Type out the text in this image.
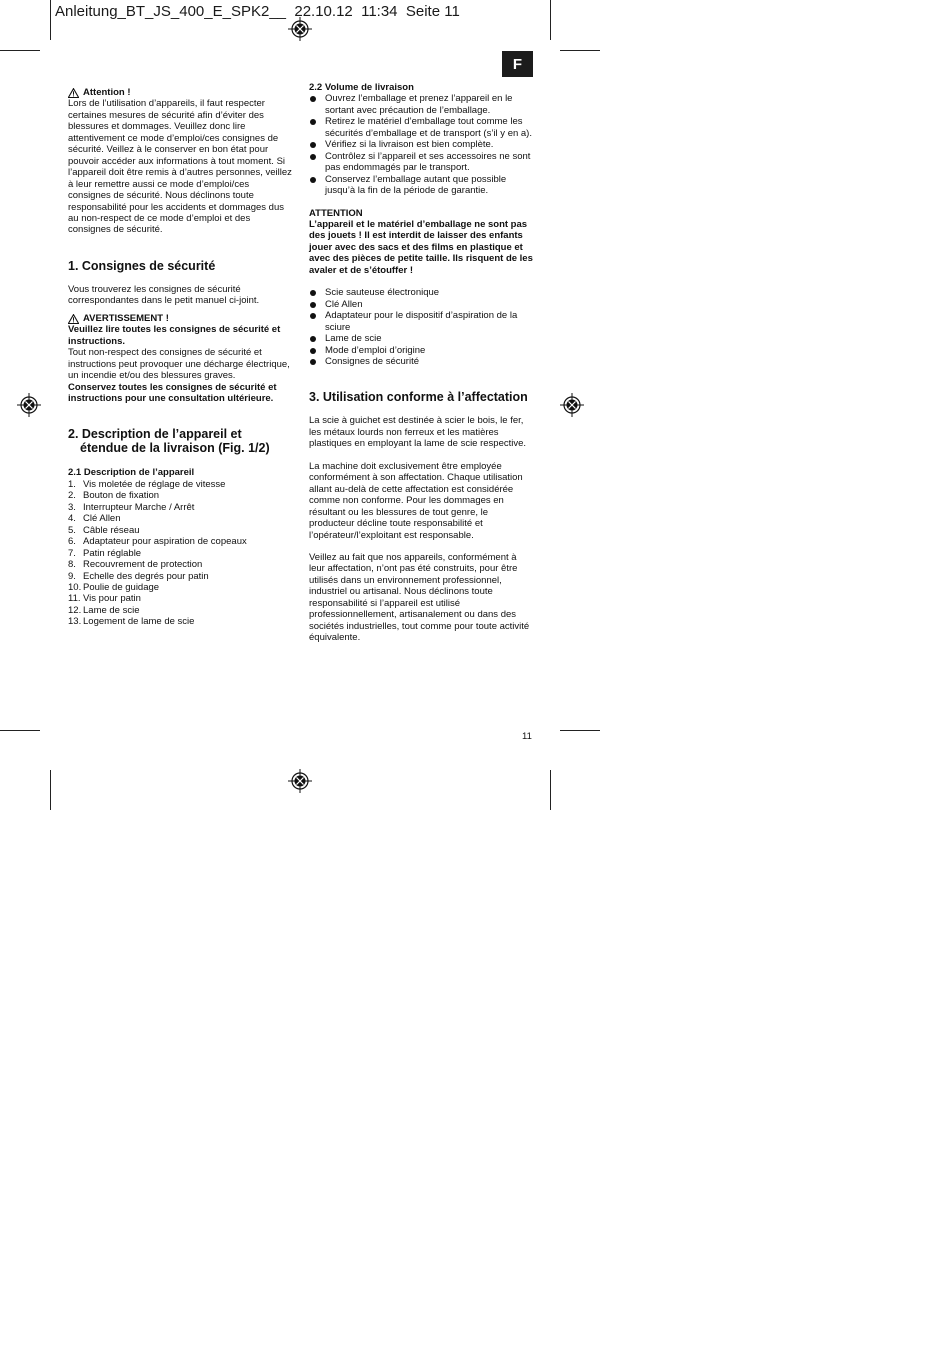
Anleitung_BT_JS_400_E_SPK2__ 22.10.12 11:34 Seite 11
F
Attention !

Lors de l’utilisation d’appareils, il faut respecter certaines mesures de sécurité afin d’éviter des blessures et dommages. Veuillez donc lire attentivement ce mode d’emploi/ces consignes de sécurité. Veillez à le conserver en bon état pour pouvoir accéder aux informations à tout moment. Si l’appareil doit être remis à d’autres personnes, veillez à leur remettre aussi ce mode d’emploi/ces consignes de sécurité. Nous déclinons toute responsabilité pour les accidents et dommages dus au non-respect de ce mode d’emploi et des consignes de sécurité.

1. Consignes de sécurité

Vous trouverez les consignes de sécurité correspondantes dans le petit manuel ci-joint.

AVERTISSEMENT !

Veuillez lire toutes les consignes de sécurité et instructions.

Tout non-respect des consignes de sécurité et instructions peut provoquer une décharge électrique, un incendie et/ou des blessures graves.

Conservez toutes les consignes de sécurité et instructions pour une consultation ultérieure.

2. Description de l’appareil et étendue de la livraison (Fig. 1/2)

2.1 Description de l’appareil

1. Vis moletée de réglage de vitesse
2. Bouton de fixation
3. Interrupteur Marche / Arrêt
4. Clé Allen
5. Câble réseau
6. Adaptateur pour aspiration de copeaux
7. Patin réglable
8. Recouvrement de protection
9. Echelle des degrés pour patin
10. Poulie de guidage
11. Vis pour patin
12. Lame de scie
13. Logement de lame de scie

2.2 Volume de livraison

Ouvrez l’emballage et prenez l’appareil en le sortant avec précaution de l’emballage.
Retirez le matériel d’emballage tout comme les sécurités d’emballage et de transport (s’il y en a).
Vérifiez si la livraison est bien complète.
Contrôlez si l’appareil et ses accessoires ne sont pas endommagés par le transport.
Conservez l’emballage autant que possible jusqu’à la fin de la période de garantie.

ATTENTION

L’appareil et le matériel d’emballage ne sont pas des jouets ! Il est interdit de laisser des enfants jouer avec des sacs et des films en plastique et avec des pièces de petite taille. Ils risquent de les avaler et de s’étouffer !

Scie sauteuse électronique
Clé Allen
Adaptateur pour le dispositif d’aspiration de la sciure
Lame de scie
Mode d’emploi d’origine
Consignes de sécurité
3. Utilisation conforme à l’affectation

La scie à guichet est destinée à scier le bois, le fer, les métaux lourds non ferreux et les matières plastiques en employant la lame de scie respective.

La machine doit exclusivement être employée conformément à son affectation. Chaque utilisation allant au-delà de cette affectation est considérée comme non conforme. Pour les dommages en résultant ou les blessures de tout genre, le producteur décline toute responsabilité et l’opérateur/l’exploitant est responsable.

Veillez au fait que nos appareils, conformément à leur affectation, n’ont pas été construits, pour être utilisés dans un environnement professionnel, industriel ou artisanal. Nous déclinons toute responsabilité si l’appareil est utilisé professionnellement, artisanalement ou dans des sociétés industrielles, tout comme pour toute activité équivalente.

11
